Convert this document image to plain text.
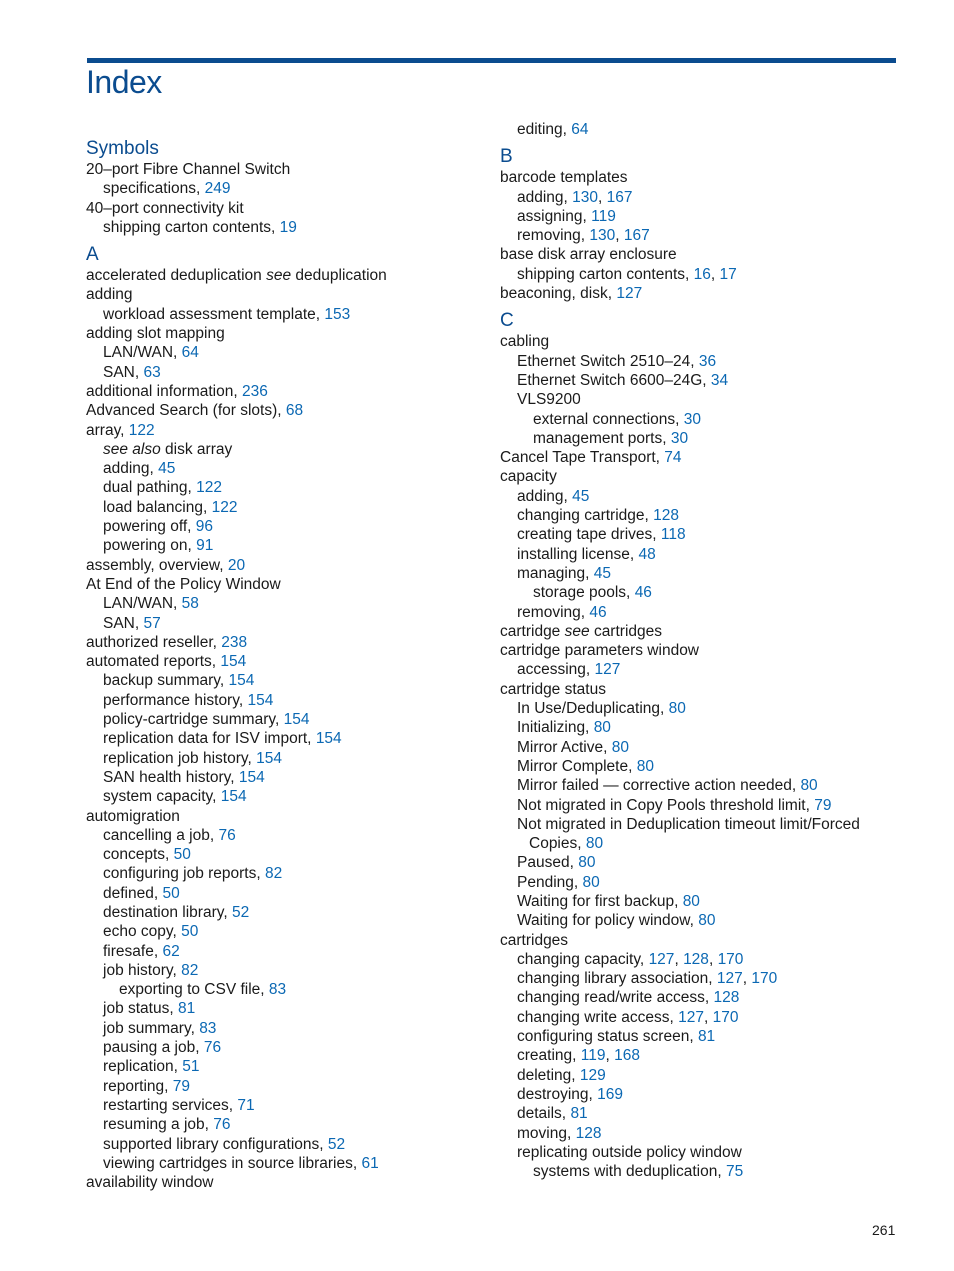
Index
Symbols
20–port Fibre Channel Switch
specifications, 249
40–port connectivity kit
shipping carton contents, 19
A
accelerated deduplication see deduplication
adding
workload assessment template, 153
adding slot mapping
LAN/WAN, 64
SAN, 63
additional information, 236
Advanced Search (for slots), 68
array, 122
see also disk array
adding, 45
dual pathing, 122
load balancing, 122
powering off, 96
powering on, 91
assembly, overview, 20
At End of the Policy Window
LAN/WAN, 58
SAN, 57
authorized reseller, 238
automated reports, 154
backup summary, 154
performance history, 154
policy-cartridge summary, 154
replication data for ISV import, 154
replication job history, 154
SAN health history, 154
system capacity, 154
automigration
cancelling a job, 76
concepts, 50
configuring job reports, 82
defined, 50
destination library, 52
echo copy, 50
firesafe, 62
job history, 82
exporting to CSV file, 83
job status, 81
job summary, 83
pausing a job, 76
replication, 51
reporting, 79
restarting services, 71
resuming a job, 76
supported library configurations, 52
viewing cartridges in source libraries, 61
availability window
editing, 64
B
barcode templates
adding, 130, 167
assigning, 119
removing, 130, 167
base disk array enclosure
shipping carton contents, 16, 17
beaconing, disk, 127
C
cabling
Ethernet Switch 2510–24, 36
Ethernet Switch 6600–24G, 34
VLS9200
external connections, 30
management ports, 30
Cancel Tape Transport, 74
capacity
adding, 45
changing cartridge, 128
creating tape drives, 118
installing license, 48
managing, 45
storage pools, 46
removing, 46
cartridge see cartridges
cartridge parameters window
accessing, 127
cartridge status
In Use/Deduplicating, 80
Initializing, 80
Mirror Active, 80
Mirror Complete, 80
Mirror failed — corrective action needed, 80
Not migrated in Copy Pools threshold limit, 79
Not migrated in Deduplication timeout limit/Forced
Copies, 80
Paused, 80
Pending, 80
Waiting for first backup, 80
Waiting for policy window, 80
cartridges
changing capacity, 127, 128, 170
changing library association, 127, 170
changing read/write access, 128
changing write access, 127, 170
configuring status screen, 81
creating, 119, 168
deleting, 129
destroying, 169
details, 81
moving, 128
replicating outside policy window
systems with deduplication, 75
261
